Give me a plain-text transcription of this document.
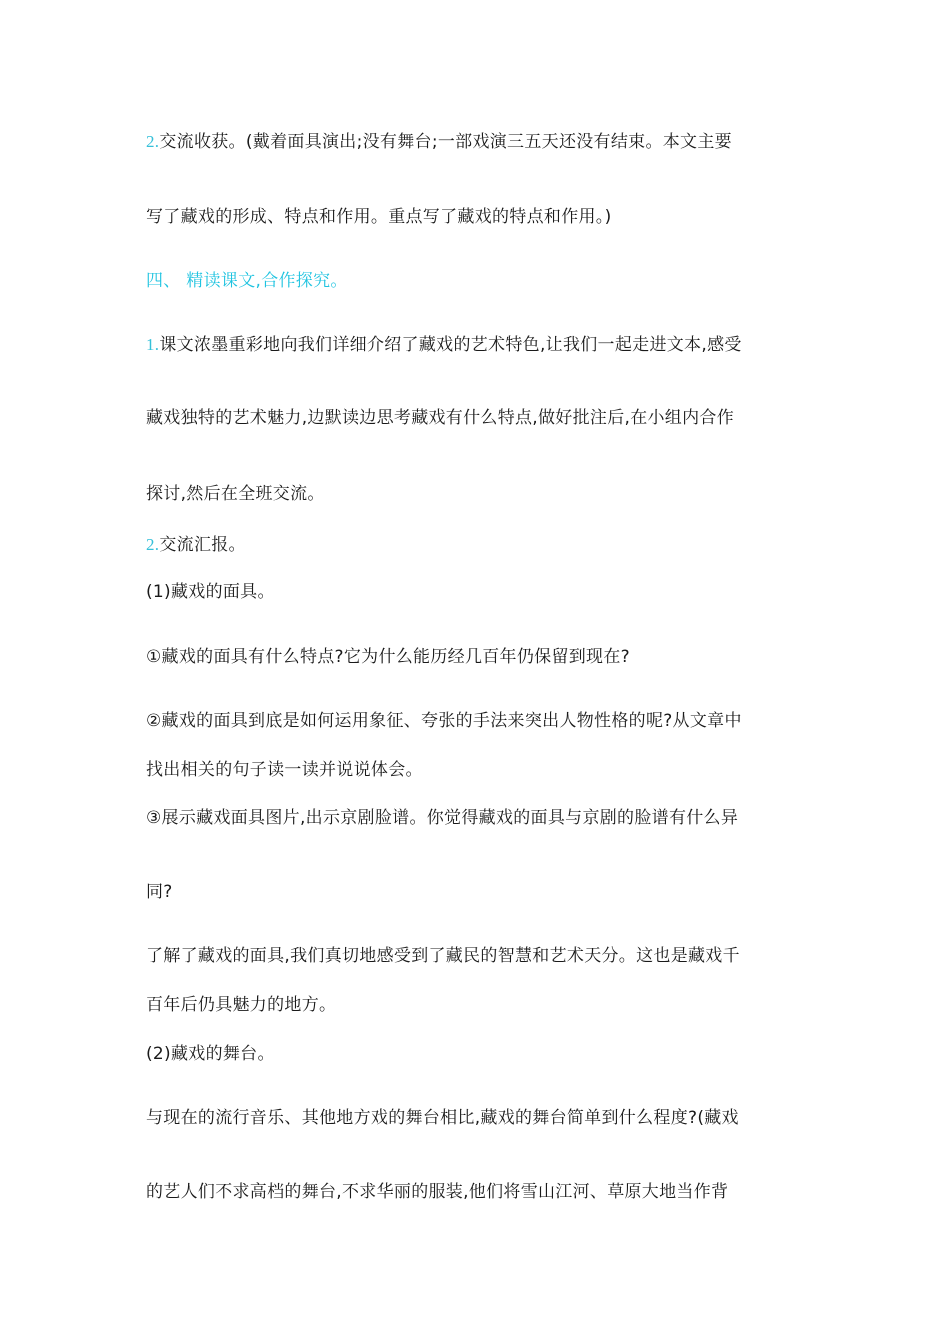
2.交流收获。(戴着面具演出;没有舞台;一部戏演三五天还没有结束。本文主要
写了藏戏的形成、特点和作用。重点写了藏戏的特点和作用。)
四、 精读课文,合作探究。
1.课文浓墨重彩地向我们详细介绍了藏戏的艺术特色,让我们一起走进文本,感受
藏戏独特的艺术魅力,边默读边思考藏戏有什么特点,做好批注后,在小组内合作
探讨,然后在全班交流。
2.交流汇报。
(1)藏戏的面具。
①藏戏的面具有什么特点?它为什么能历经几百年仍保留到现在?
②藏戏的面具到底是如何运用象征、夸张的手法来突出人物性格的呢?从文章中
找出相关的句子读一读并说说体会。
③展示藏戏面具图片,出示京剧脸谱。你觉得藏戏的面具与京剧的脸谱有什么异
同?
了解了藏戏的面具,我们真切地感受到了藏民的智慧和艺术天分。这也是藏戏千
百年后仍具魅力的地方。
(2)藏戏的舞台。
与现在的流行音乐、其他地方戏的舞台相比,藏戏的舞台简单到什么程度?(藏戏
的艺人们不求高档的舞台,不求华丽的服装,他们将雪山江河、草原大地当作背
